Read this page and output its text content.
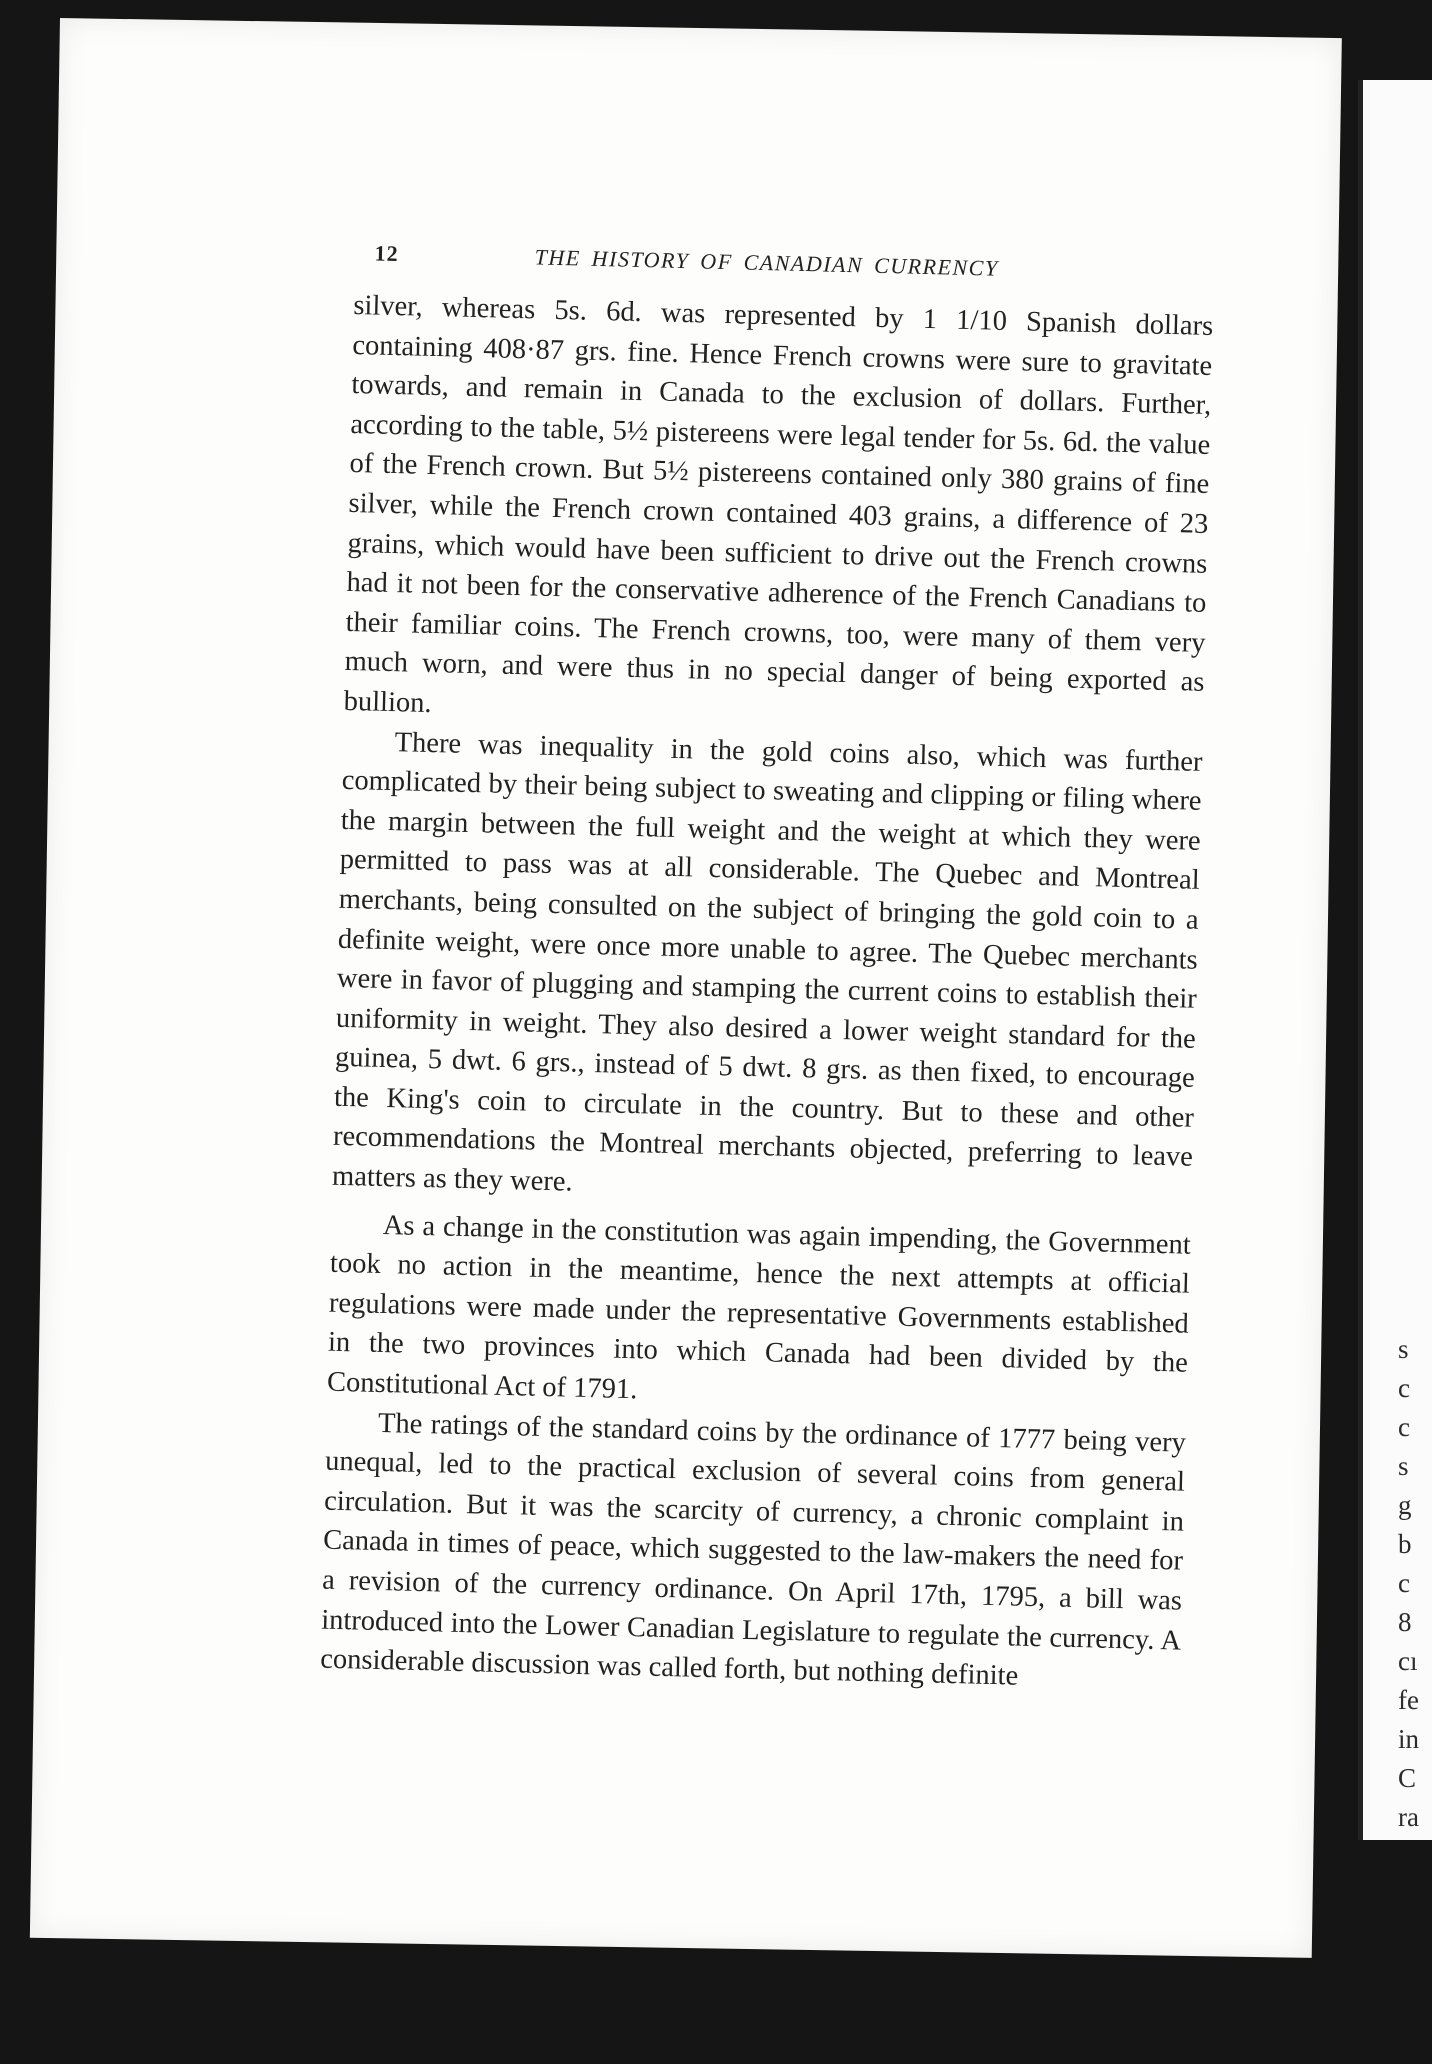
s
c
c
s
g
b
c
8
cı
fe
in
C
ra
12	THE HISTORY OF CANADIAN CURRENCY

silver, whereas 5s. 6d. was represented by 1 1/10 Spanish dollars containing 408·87 grs. fine. Hence French crowns were sure to gravitate towards, and remain in Canada to the exclusion of dollars. Further, according to the table, 5½ pistereens were legal tender for 5s. 6d. the value of the French crown. But 5½ pistereens contained only 380 grains of fine silver, while the French crown contained 403 grains, a difference of 23 grains, which would have been sufficient to drive out the French crowns had it not been for the conservative adherence of the French Canadians to their familiar coins. The French crowns, too, were many of them very much worn, and were thus in no special danger of being exported as bullion.

There was inequality in the gold coins also, which was further complicated by their being subject to sweating and clipping or filing where the margin between the full weight and the weight at which they were permitted to pass was at all considerable. The Quebec and Montreal merchants, being consulted on the subject of bringing the gold coin to a definite weight, were once more unable to agree. The Quebec merchants were in favor of plugging and stamping the current coins to establish their uniformity in weight. They also desired a lower weight standard for the guinea, 5 dwt. 6 grs., instead of 5 dwt. 8 grs. as then fixed, to encourage the King's coin to circulate in the country. But to these and other recommendations the Montreal merchants objected, preferring to leave matters as they were.

As a change in the constitution was again impending, the Government took no action in the meantime, hence the next attempts at official regulations were made under the representative Governments established in the two provinces into which Canada had been divided by the Constitutional Act of 1791.

The ratings of the standard coins by the ordinance of 1777 being very unequal, led to the practical exclusion of several coins from general circulation. But it was the scarcity of currency, a chronic complaint in Canada in times of peace, which suggested to the law-makers the need for a revision of the currency ordinance. On April 17th, 1795, a bill was introduced into the Lower Canadian Legislature to regulate the currency. A considerable discussion was called forth, but nothing definite
